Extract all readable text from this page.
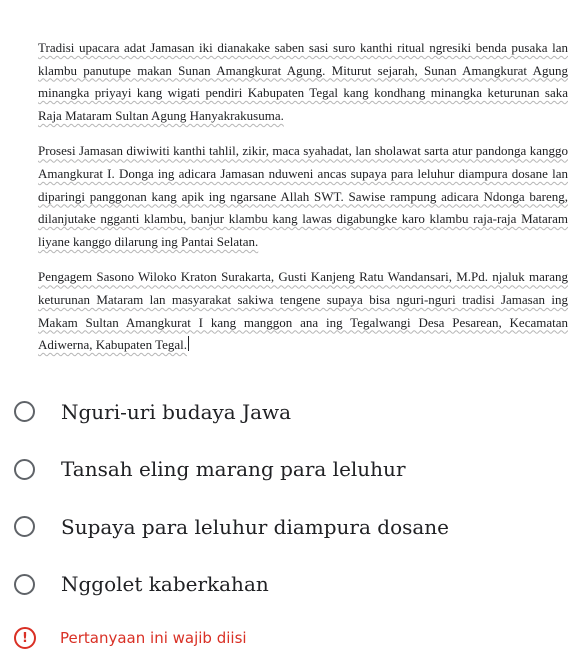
Tradisi upacara adat Jamasan iki dianakake saben sasi suro kanthi ritual ngresiki benda pusaka lan klambu panutupe makan Sunan Amangkurat Agung. Miturut sejarah, Sunan Amangkurat Agung minangka priyayi kang wigati pendiri Kabupaten Tegal kang kondhang minangka keturunan saka Raja Mataram Sultan Agung Hanyakrakusuma.

Prosesi Jamasan diwiwiti kanthi tahlil, zikir, maca syahadat, lan sholawat sarta atur pandonga kanggo Amangkurat I. Donga ing adicara Jamasan nduweni ancas supaya para leluhur diampura dosane lan diparingi panggonan kang apik ing ngarsane Allah SWT. Sawise rampung adicara Ndonga bareng, dilanjutake ngganti klambu, banjur klambu kang lawas digabungke karo klambu raja-raja Mataram liyane kanggo dilarung ing Pantai Selatan.

Pengagem Sasono Wiloko Kraton Surakarta, Gusti Kanjeng Ratu Wandansari, M.Pd. njaluk marang keturunan Mataram lan masyarakat sakiwa tengene supaya bisa nguri-nguri tradisi Jamasan ing Makam Sultan Amangkurat I kang manggon ana ing Tegalwangi Desa Pesarean, Kecamatan Adiwerna, Kabupaten Tegal.

Nguri-uri budaya Jawa
Tansah eling marang para leluhur
Supaya para leluhur diampura dosane
Nggolet kaberkahan
!	Pertanyaan ini wajib diisi
